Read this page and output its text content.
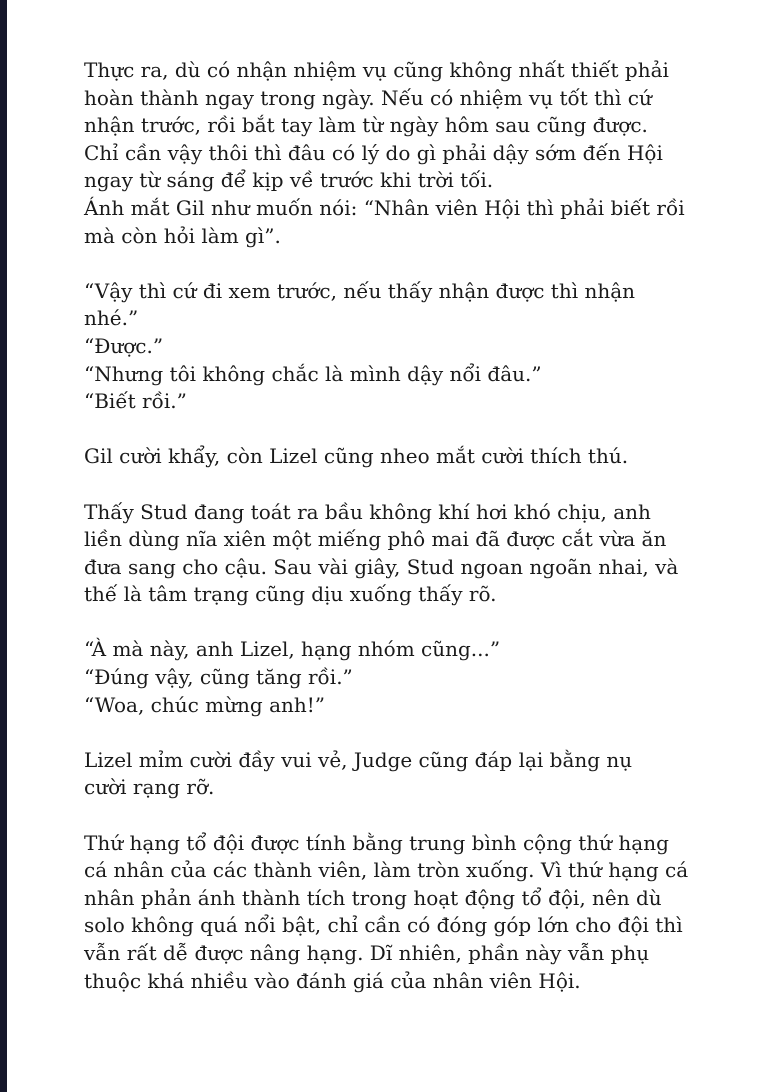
Thực ra, dù có nhận nhiệm vụ cũng không nhất thiết phải
hoàn thành ngay trong ngày. Nếu có nhiệm vụ tốt thì cứ
nhận trước, rồi bắt tay làm từ ngày hôm sau cũng được.
Chỉ cần vậy thôi thì đâu có lý do gì phải dậy sớm đến Hội
ngay từ sáng để kịp về trước khi trời tối.
Ánh mắt Gil như muốn nói: “Nhân viên Hội thì phải biết rồi
mà còn hỏi làm gì”.
“Vậy thì cứ đi xem trước, nếu thấy nhận được thì nhận
nhé.”
“Được.”
“Nhưng tôi không chắc là mình dậy nổi đâu.”
“Biết rồi.”
Gil cười khẩy, còn Lizel cũng nheo mắt cười thích thú.
Thấy Stud đang toát ra bầu không khí hơi khó chịu, anh
liền dùng nĩa xiên một miếng phô mai đã được cắt vừa ăn
đưa sang cho cậu. Sau vài giây, Stud ngoan ngoãn nhai, và
thế là tâm trạng cũng dịu xuống thấy rõ.
“À mà này, anh Lizel, hạng nhóm cũng...”
“Đúng vậy, cũng tăng rồi.”
“Woa, chúc mừng anh!”
Lizel mỉm cười đầy vui vẻ, Judge cũng đáp lại bằng nụ
cười rạng rỡ.
Thứ hạng tổ đội được tính bằng trung bình cộng thứ hạng
cá nhân của các thành viên, làm tròn xuống. Vì thứ hạng cá
nhân phản ánh thành tích trong hoạt động tổ đội, nên dù
solo không quá nổi bật, chỉ cần có đóng góp lớn cho đội thì
vẫn rất dễ được nâng hạng. Dĩ nhiên, phần này vẫn phụ
thuộc khá nhiều vào đánh giá của nhân viên Hội.
